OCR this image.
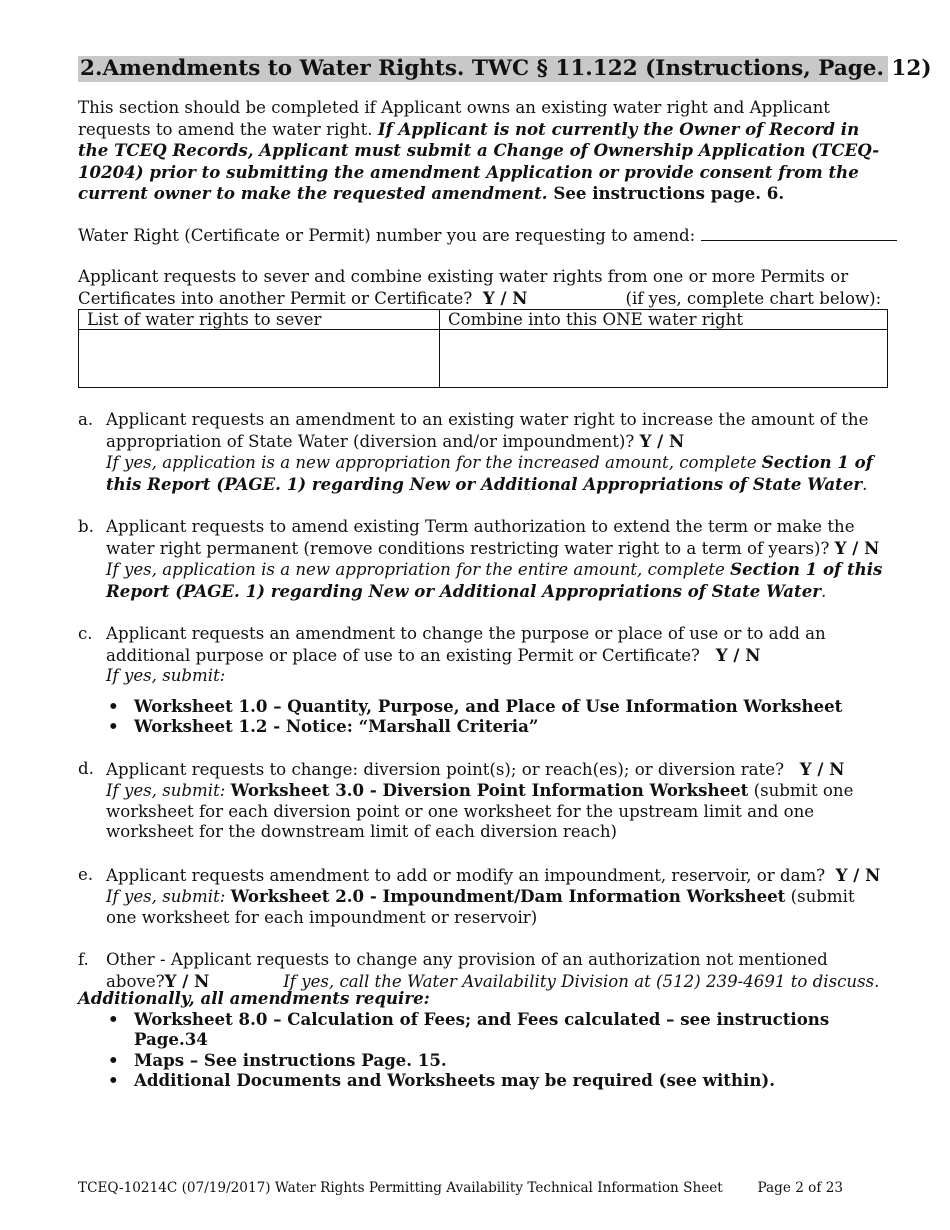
2. Amendments to Water Rights. TWC § 11.122 (Instructions, Page. 12)

This section should be completed if Applicant owns an existing water right and Applicant requests to amend the water right. If Applicant is not currently the Owner of Record in the TCEQ Records, Applicant must submit a Change of Ownership Application (TCEQ-10204) prior to submitting the amendment Application or provide consent from the current owner to make the requested amendment. See instructions page. 6.

Water Right (Certificate or Permit) number you are requesting to amend:

Applicant requests to sever and combine existing water rights from one or more Permits or Certificates into another Permit or Certificate? Y / N	(if yes, complete chart below):

List of water rights to sever	Combine into this ONE water right

a. Applicant requests an amendment to an existing water right to increase the amount of the appropriation of State Water (diversion and/or impoundment)? Y / N

If yes, application is a new appropriation for the increased amount, complete Section 1 of this Report (PAGE. 1) regarding New or Additional Appropriations of State Water.

b. Applicant requests to amend existing Term authorization to extend the term or make the water right permanent (remove conditions restricting water right to a term of years)? Y / N

If yes, application is a new appropriation for the entire amount, complete Section 1 of this Report (PAGE. 1) regarding New or Additional Appropriations of State Water.

c. Applicant requests an amendment to change the purpose or place of use or to add an additional purpose or place of use to an existing Permit or Certificate? Y / N

If yes, submit:

• Worksheet 1.0 – Quantity, Purpose, and Place of Use Information Worksheet
• Worksheet 1.2 - Notice: “Marshall Criteria”
d. Applicant requests to change: diversion point(s); or reach(es); or diversion rate? Y / N

If yes, submit: Worksheet 3.0 - Diversion Point Information Worksheet (submit one worksheet for each diversion point or one worksheet for the upstream limit and one worksheet for the downstream limit of each diversion reach)

e. Applicant requests amendment to add or modify an impoundment, reservoir, or dam? Y / N

If yes, submit: Worksheet 2.0 - Impoundment/Dam Information Worksheet (submit one worksheet for each impoundment or reservoir)

f.	Other - Applicant requests to change any provision of an authorization not mentioned above?Y / N	If yes, call the Water Availability Division at (512) 239-4691 to discuss.

Additionally, all amendments require:

• Worksheet 8.0 – Calculation of Fees; and Fees calculated – see instructions Page.34
• Maps – See instructions Page. 15.
• Additional Documents and Worksheets may be required (see within).
TCEQ-10214C (07/19/2017) Water Rights Permitting Availability Technical Information Sheet	Page 2 of 23
